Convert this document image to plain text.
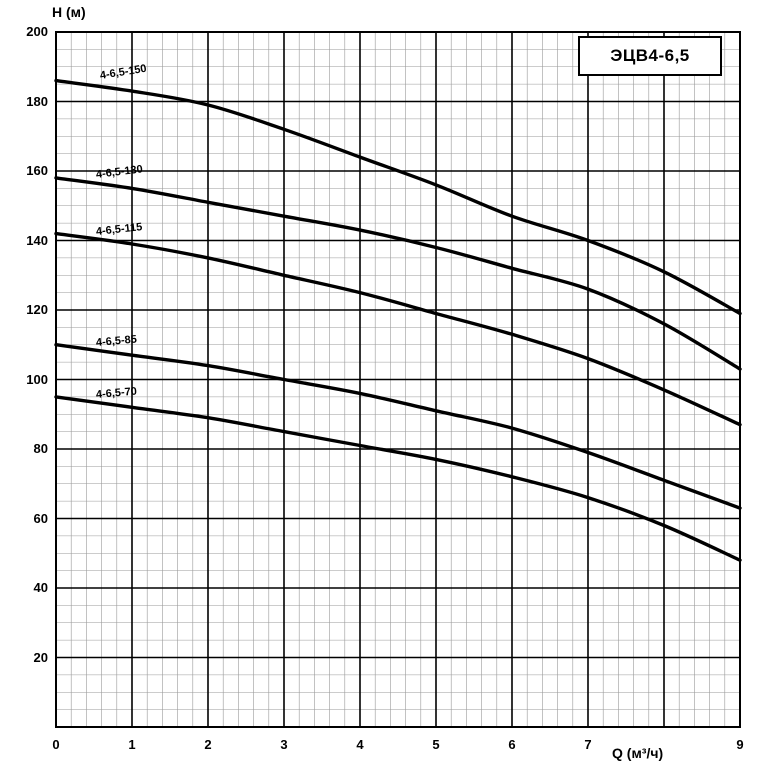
H (м)
Q (м³/ч)
20
40
60
80
100
120
140
160
180
200
0	1	2	3	4	5	6	7	9
4-6,5-150
4-6,5-130
4-6,5-115
4-6,5-85
4-6,5-70
ЭЦВ4-6,5
